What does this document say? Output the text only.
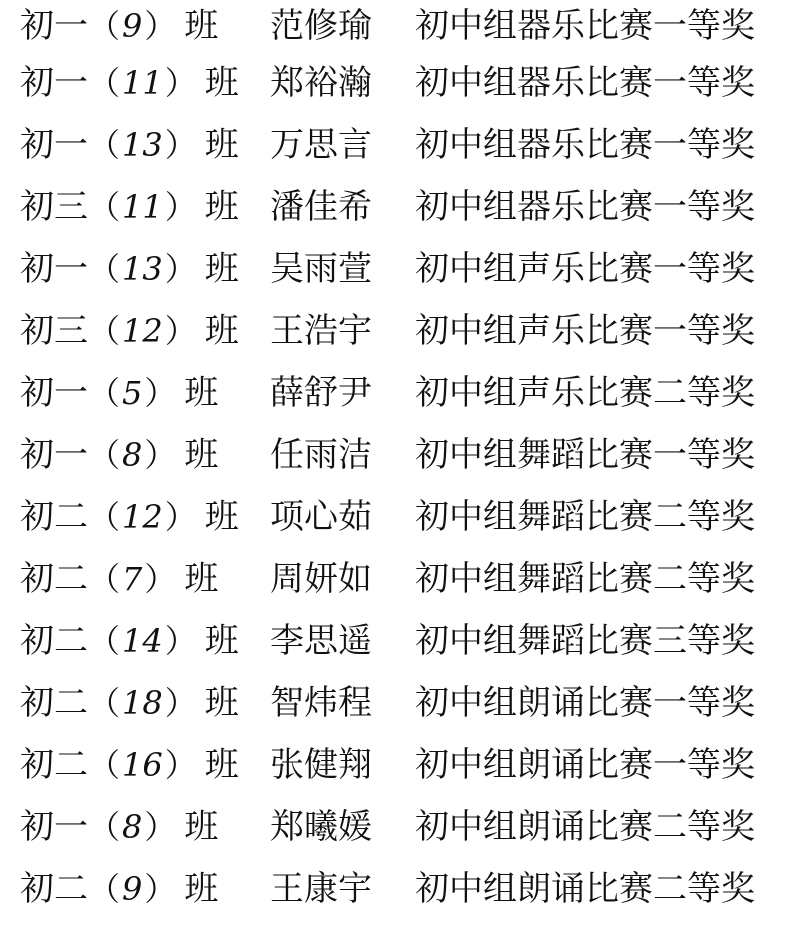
初一 （ 9 ） 班 范修瑜	初中组器乐比赛一等奖
初一 （ 11 ） 班 郑裕瀚	初中组器乐比赛一等奖
初一 （ 13 ） 班 万思言	初中组器乐比赛一等奖
初三 （ 11 ） 班 潘佳希	初中组器乐比赛一等奖
初一 （ 13 ） 班 吴雨萱	初中组声乐比赛一等奖
初三 （ 12 ） 班 王浩宇	初中组声乐比赛一等奖
初一 （ 5 ） 班 薛舒尹	初中组声乐比赛二等奖
初一 （ 8 ） 班 任雨洁	初中组舞蹈比赛一等奖
初二 （ 12 ） 班 项心茹	初中组舞蹈比赛二等奖
初二 （ 7 ） 班 周妍如	初中组舞蹈比赛二等奖
初二 （ 14 ） 班 李思遥	初中组舞蹈比赛三等奖
初二 （ 18 ） 班 智炜程	初中组朗诵比赛一等奖
初二 （ 16 ） 班 张健翔	初中组朗诵比赛一等奖
初一 （ 8 ） 班 郑曦媛	初中组朗诵比赛二等奖
初二 （ 9 ） 班 王康宇	初中组朗诵比赛二等奖
